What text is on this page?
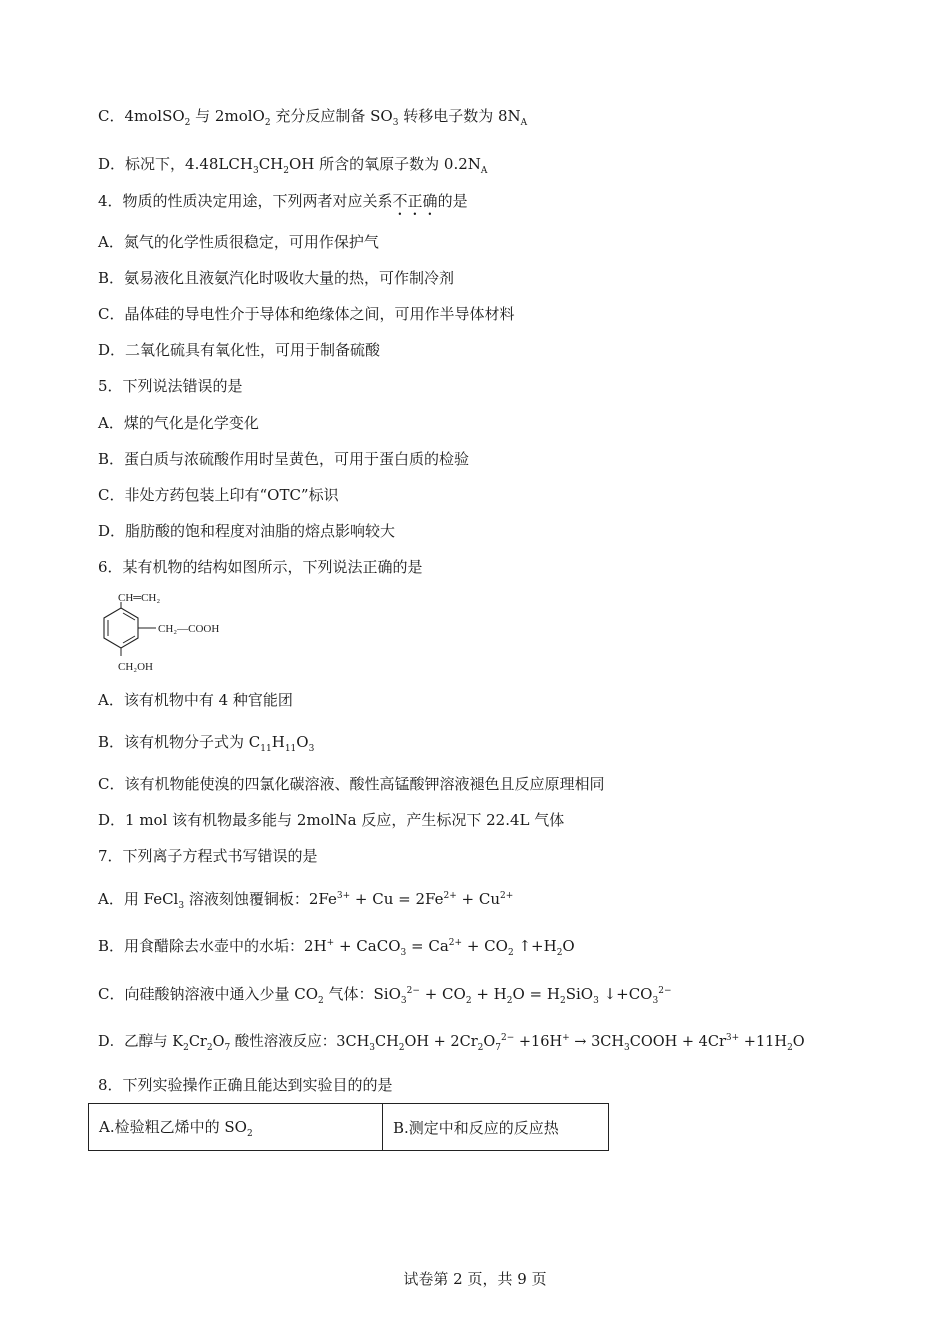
C．4molSO$_2$ 与 2molO$_2$ 充分反应制备 $SO_3$ 转移电子数为 $8N_A$
D．标况下，$4.48LCH_3CH_2OH$ 所含的氧原子数为 $0.2N_A$
4．物质的性质决定用途，下列两者对应关系不正确的是
A．氮气的化学性质很稳定，可用作保护气
B．氨易液化且液氨汽化时吸收大量的热，可作制冷剂
C．晶体硅的导电性介于导体和绝缘体之间，可用作半导体材料
D．二氧化硫具有氧化性，可用于制备硫酸
5．下列说法错误的是
A．煤的气化是化学变化
B．蛋白质与浓硫酸作用时呈黄色，可用于蛋白质的检验
C．非处方药包装上印有“OTC”标识
D．脂肪酸的饱和程度对油脂的熔点影响较大
6．某有机物的结构如图所示，下列说法正确的是
CH═CH₂
CH₂—COOH
CH₂OH
A．该有机物中有 4 种官能团
B．该有机物分子式为 $C_{11}H_{11}O_3$
C．该有机物能使溴的四氯化碳溶液、酸性高锰酸钾溶液褪色且反应原理相同
D．1 mol 该有机物最多能与 2molNa 反应，产生标况下 22.4L 气体
7．下列离子方程式书写错误的是
A．用 FeCl$_3$ 溶液刻蚀覆铜板：$2Fe^{3+} + Cu = 2Fe^{2+} + Cu^{2+}$
B．用食醋除去水壶中的水垢：2H+ + CaCO$_3$ = $Ca^{2+} + CO_2$ $↑+H_2O$
C．向硅酸钠溶液中通入少量 $CO_2$ 气体：$SiO_3^{2-} + CO_2 + H_2O = H_2SiO_3$ $↓+CO_3^{2-}$
D．乙醇与 $K_2Cr_2O_7$ 酸性溶液反应：$3CH_3CH_2OH + 2Cr_2O_7^{2-} +16H^+$ → $3CH_3COOH + 4Cr^{3+} +11H_2O$
8．下列实验操作正确且能达到实验目的的是
A.检验粗乙烯中的 $SO_2$	B.测定中和反应的反应热
试卷第 2 页，共 9 页
